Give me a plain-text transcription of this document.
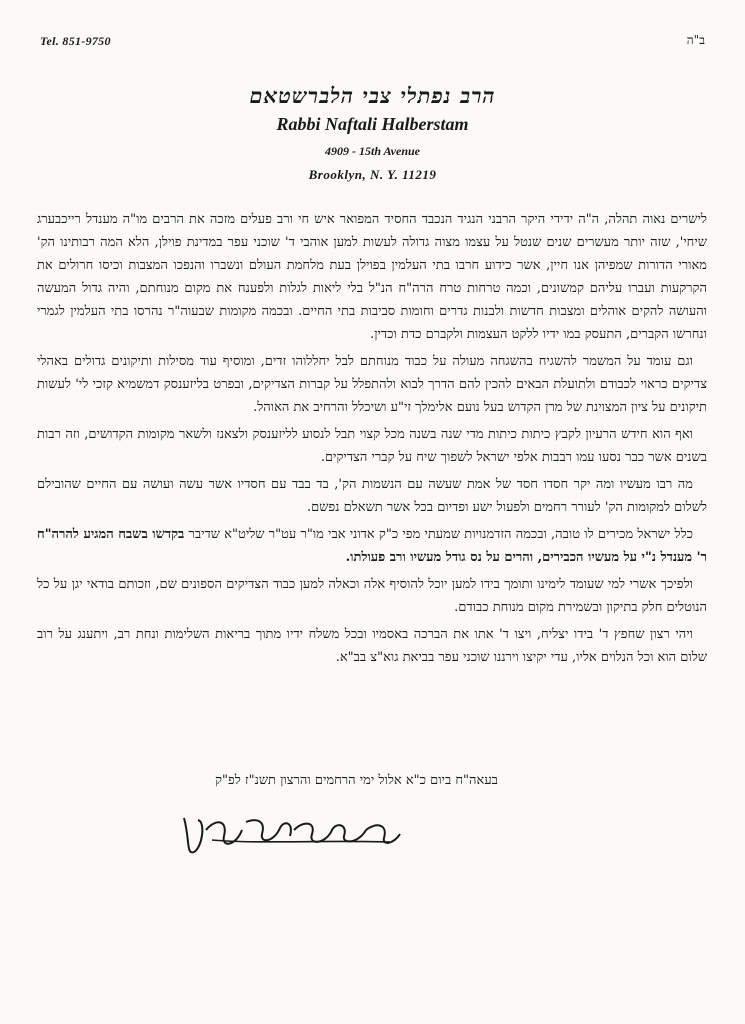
Tel. 851-9750	ב"ה
הרב נפתלי צבי הלברשטאם
Rabbi Naftali Halberstam
4909 - 15th Avenue
Brooklyn, N. Y. 11219

לישרים נאוה תהלה, ה"ה ידידי היקר הרבני הנגיד הנכבד החסיד המפואר איש חי ורב פעלים מזכה את הרבים מו"ה מענדל רייכבערג שיחי', שזה יותר מעשרים שנים שנטל על עצמו מצוה גדולה לעשות למען אוהבי ד' שוכני עפר במדינת פוילן, הלא המה רבותינו הק' מאורי הדורות שמפיהן אנו חיין, אשר כידוע חרבו בתי העלמין בפוילן בעת מלחמת העולם ונשברו והנפכו המצבות וכיסו חרולים את הקרקעות ועברו עליהם קמשונים, וכמה טרחות טרח הרה"ח הנ"ל בלי ליאות לגלות ולפענח את מקום מנוחתם, והיה גדול המעשה והעושה להקים אוהלים ומצבות חדשות ולבנות גדרים וחומות סביבות בתי החיים. ובכמה מקומות שבעוה"ר נהרסו בתי העלמין לגמרי ונחרשו הקברים, התעסק במו ידיו ללקט העצמות ולקברם כדת וכדין.

וגם עומד על המשמר להשגיח בהשגחה מעולה על כבוד מנוחתם לבל יחללוהו זדים, ומוסיף עוד מסילות ותיקונים גדולים באהלי צדיקים כראוי לכבודם ולתועלת הבאים להכין להם הדרך לבוא ולהתפלל על קברות הצדיקים, ובפרט בליזענסק דמשמיא קזכי לי' לעשות תיקונים על ציון המצוינת של מרן הקדוש בעל נועם אלימלך זי"ע ושיכלל והרחיב את האוהל.

ואף הוא חידש הרעיון לקבץ כיתות כיתות מדי שנה בשנה מכל קצוי תבל לנסוע לליזענסק ולצאנז ולשאר מקומות הקדושים, וזה רבות בשנים אשר כבר נסעו עמו רבבות אלפי ישראל לשפוך שיח על קברי הצדיקים.

מה רבו מעשיו ומה יקר חסדו חסד של אמת שעשה עם הנשמות הק', בד בבד עם חסדיו אשר עשה ועושה עם החיים שהובילם לשלום למקומות הק' לעורר רחמים ולפעול ישע ופדיום בכל אשר תשאלם נפשם.

כלל ישראל מכירים לו טובה, ובכמה הזדמנויות שמעתי מפי כ"ק אדוני אבי מו"ר עט"ר שליט"א שדיבר בקדשו בשבח המגיע להרה"ח ר' מענדל נ"י על מעשיו הכבירים, והרים על נס גודל מעשיו ורב פעולתו.

ולפיכך אשרי למי שעומד לימינו ותומך בידו למען יוכל להוסיף אלה וכאלה למען כבוד הצדיקים הספונים שם, וזכותם בודאי יגן על כל הנוטלים חלק בתיקון ובשמירת מקום מנוחת כבודם.

ויהי רצון שחפץ ד' בידו יצליח, ויצו ד' אתו את הברכה באסמיו ובכל משלח ידיו מתוך בריאות השלימות ונחת רב, ויתענג על רוב שלום הוא וכל הנלוים אליו, עדי יקיצו וירננו שוכני עפר בביאת גוא"צ בב"א.

בעאה"ח ביום כ"א אלול ימי הרחמים והרצון תשנ"ז לפ"ק
